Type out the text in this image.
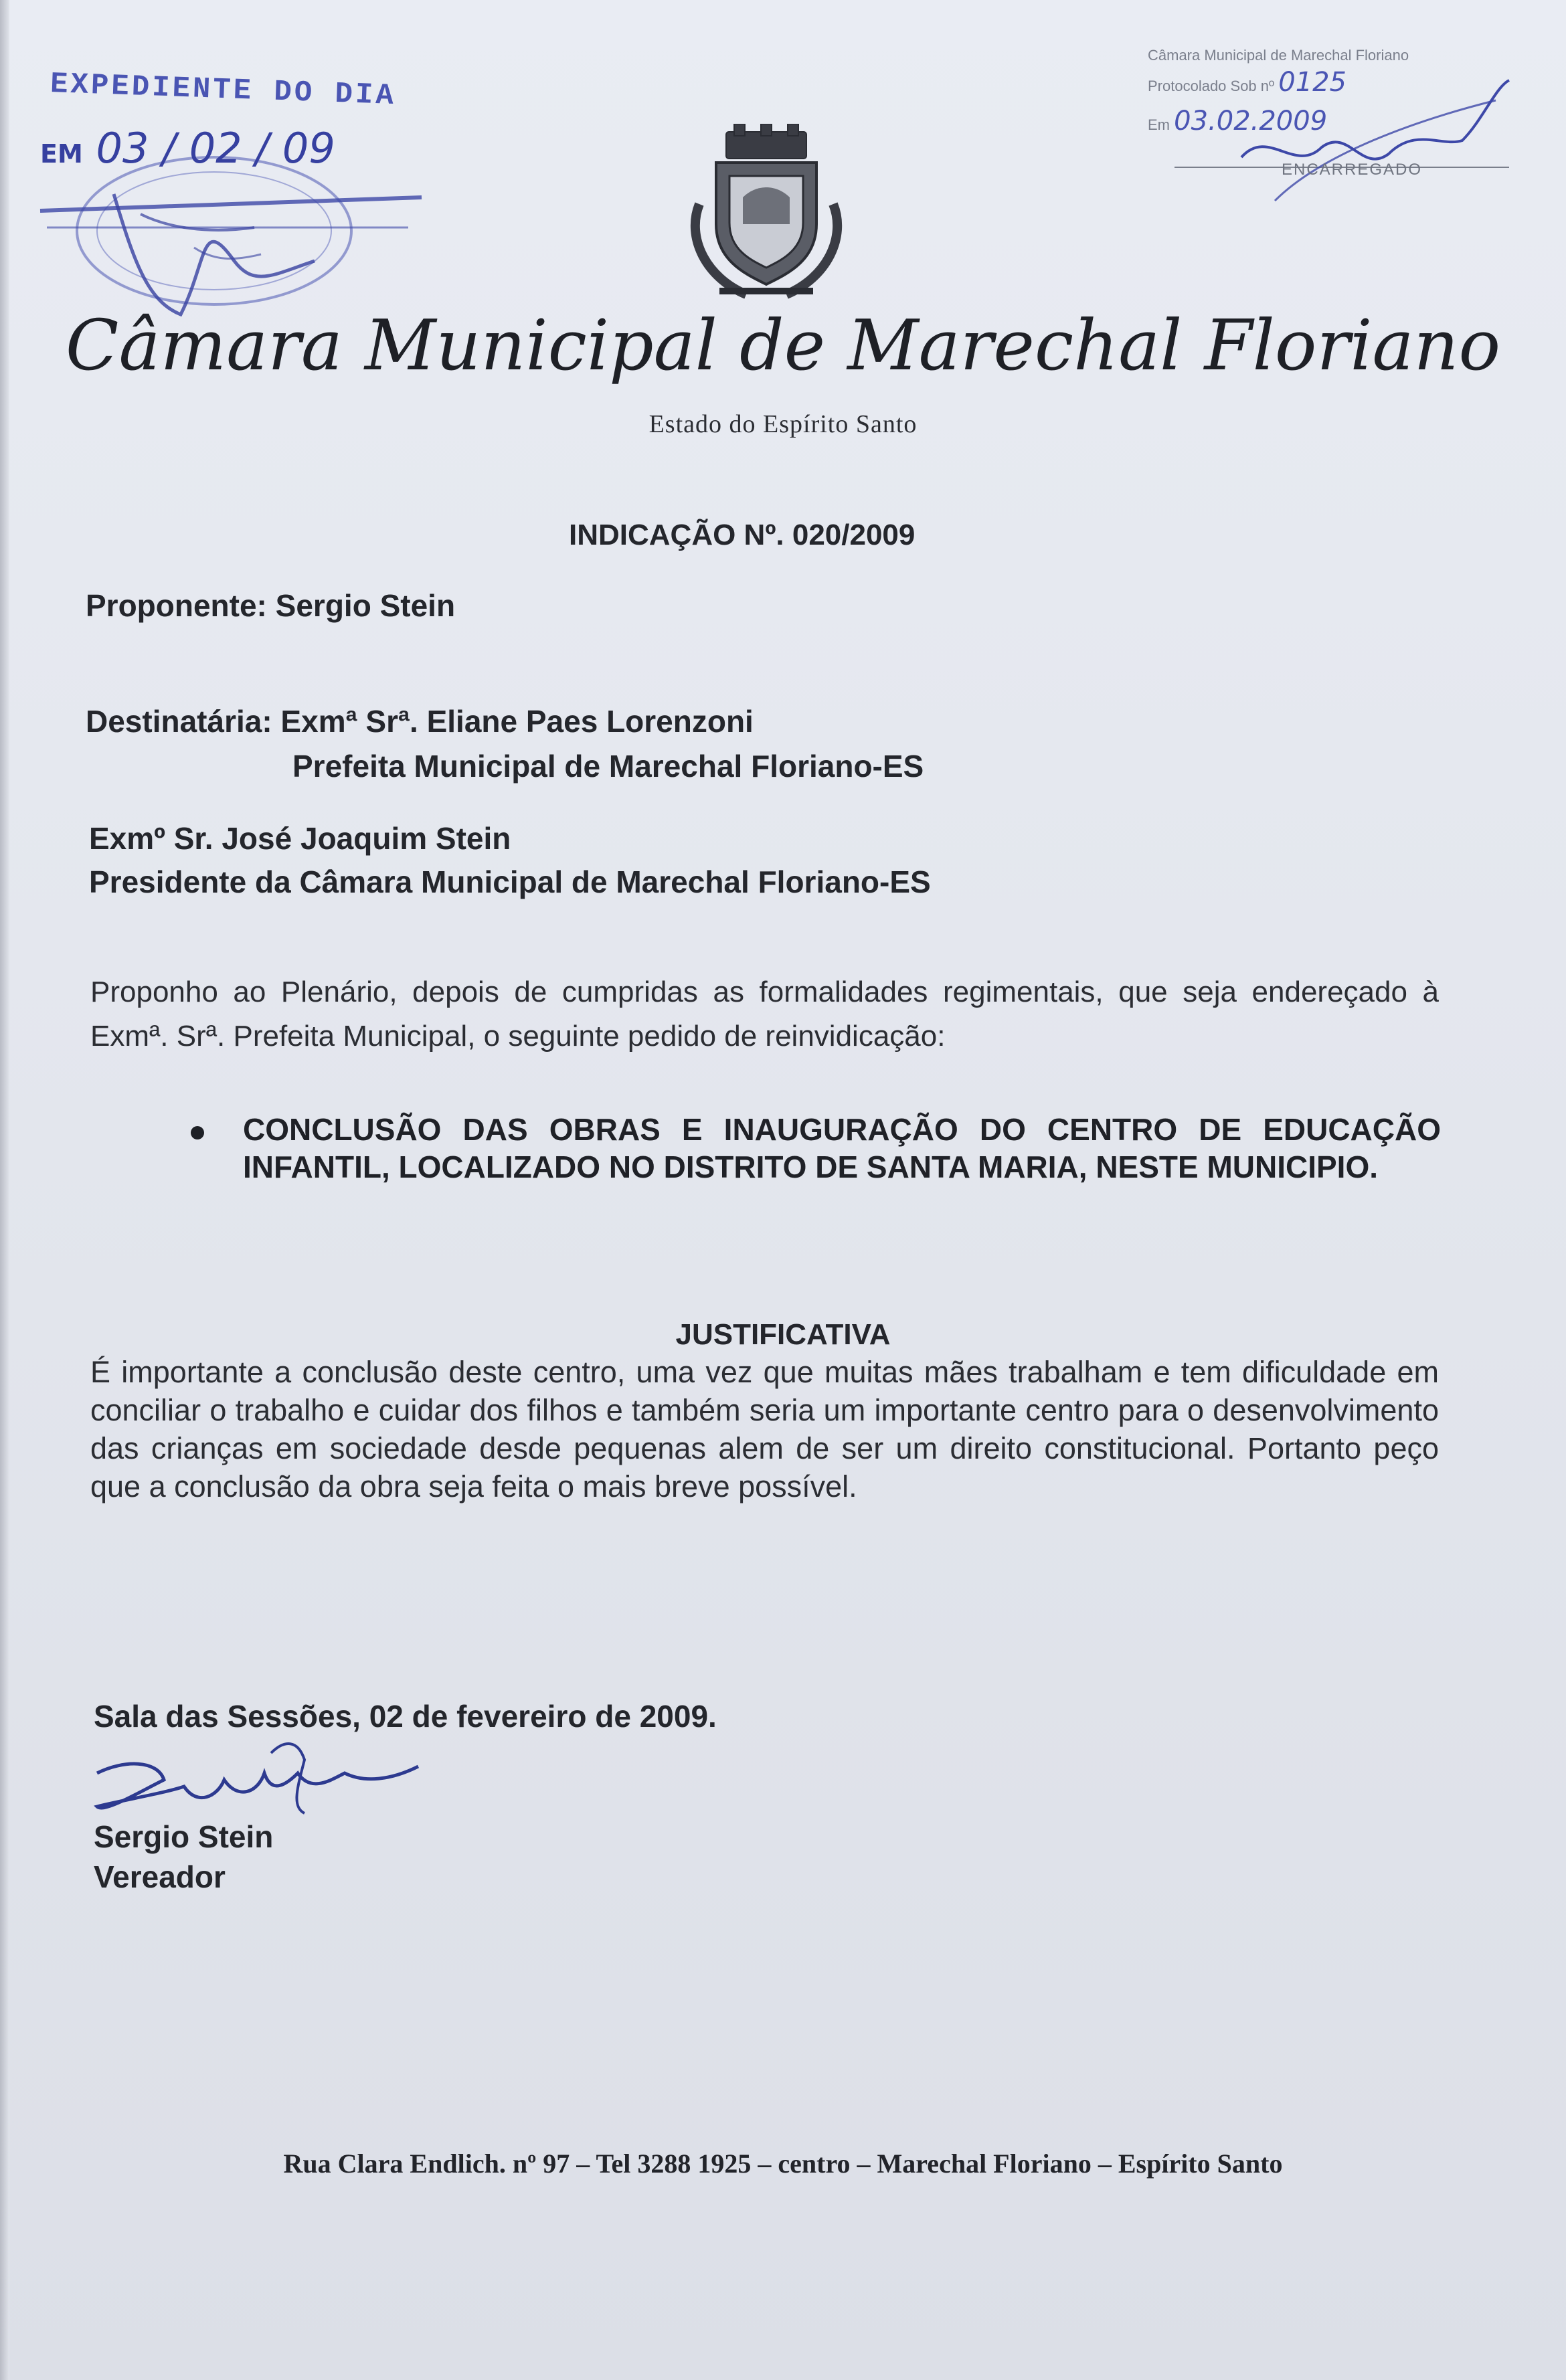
EXPEDIENTE DO DIA
EM 03 / 02 / 09
Câmara Municipal de Marechal Floriano
Protocolado Sob nº 0125
Em 03.02.2009
ENCARREGADO
Câmara Municipal de Marechal Floriano
Estado do Espírito Santo
INDICAÇÃO Nº. 020/2009
Proponente: Sergio Stein
Destinatária: Exmª Srª. Eliane Paes Lorenzoni
Prefeita Municipal de Marechal Floriano-ES
Exmº Sr. José Joaquim Stein
Presidente da Câmara Municipal de Marechal Floriano-ES
Proponho ao Plenário, depois de cumpridas as formalidades regimentais, que seja endereçado à Exmª. Srª. Prefeita Municipal, o seguinte pedido de reinvidicação:
CONCLUSÃO DAS OBRAS E INAUGURAÇÃO DO CENTRO DE EDUCAÇÃO INFANTIL, LOCALIZADO NO DISTRITO DE SANTA MARIA, NESTE MUNICIPIO.
JUSTIFICATIVA
É importante a conclusão deste centro, uma vez que muitas mães trabalham e tem dificuldade em conciliar o trabalho e cuidar dos filhos e também seria um importante centro para o desenvolvimento das crianças em sociedade desde pequenas alem de ser um direito constitucional. Portanto peço que a conclusão da obra seja feita o mais breve possível.
Sala das Sessões, 02 de fevereiro de 2009.
Sergio Stein
Vereador
Rua Clara Endlich. nº 97 – Tel 3288 1925 – centro – Marechal Floriano – Espírito Santo
